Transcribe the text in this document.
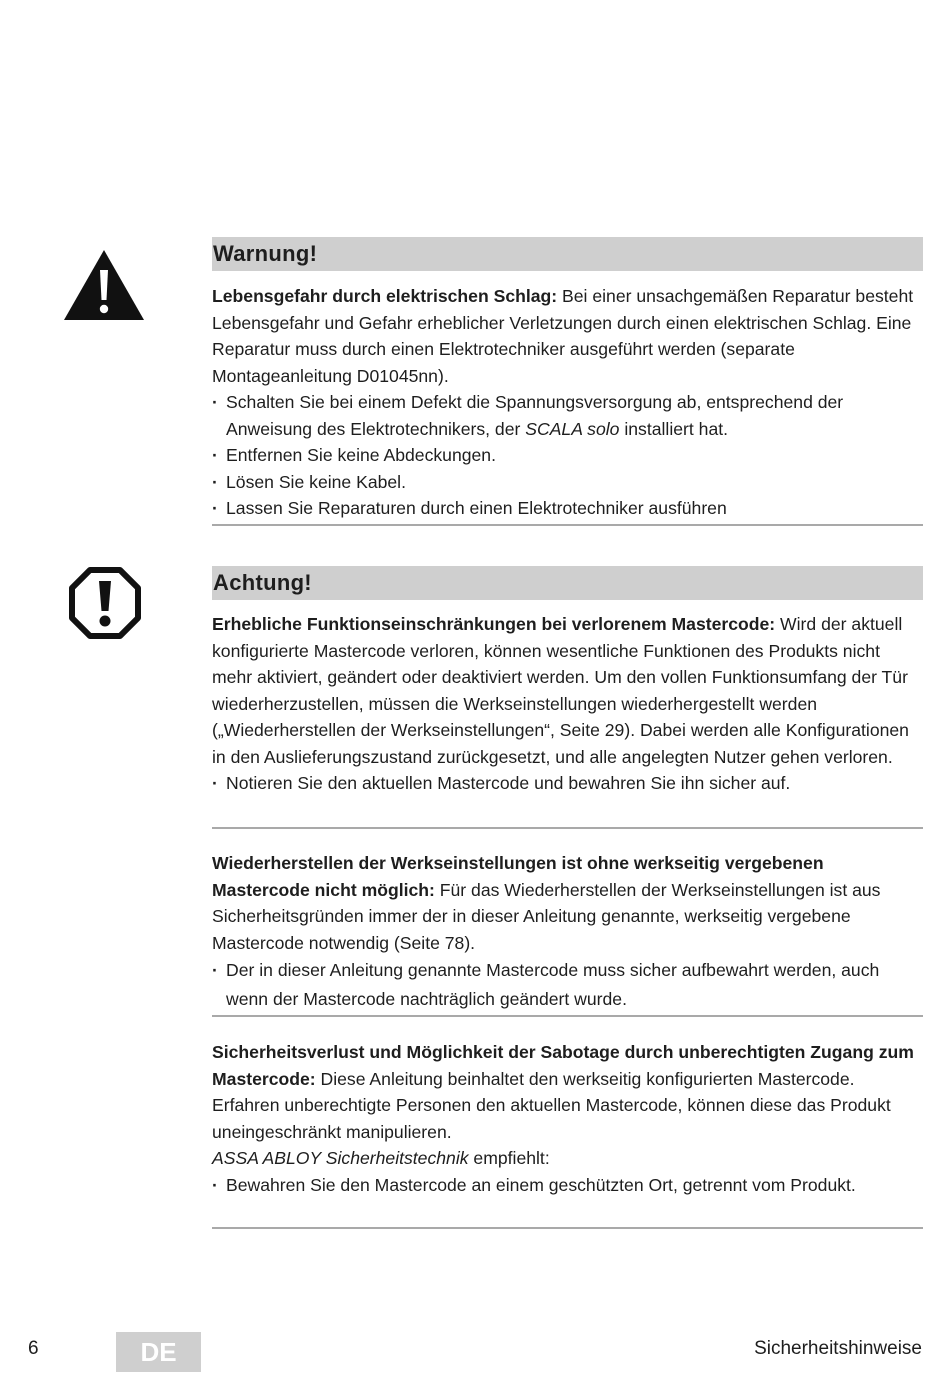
Warnung!

Lebensgefahr durch elektrischen Schlag: Bei einer unsachgemäßen Reparatur besteht Lebensgefahr und Gefahr erheblicher Verletzungen durch einen elektrischen Schlag. Eine Reparatur muss durch einen Elektrotechniker ausgeführt werden (separate Montageanleitung D01045nn).

· Schalten Sie bei einem Defekt die Spannungsversorgung ab, entsprechend der Anweisung des Elektrotechnikers, der SCALA solo installiert hat.

· Entfernen Sie keine Abdeckungen.

· Lösen Sie keine Kabel.

· Lassen Sie Reparaturen durch einen Elektrotechniker ausführen

Achtung!

Erhebliche Funktionseinschränkungen bei verlorenem Mastercode: Wird der aktuell konfigurierte Mastercode verloren, können wesentliche Funktionen des Produkts nicht mehr aktiviert, geändert oder deaktiviert werden. Um den vollen Funktionsumfang der Tür wiederherzustellen, müssen die Werkseinstellungen wiederhergestellt werden („Wiederherstellen der Werkseinstellungen“, Seite 29). Dabei werden alle Konfigurationen in den Auslieferungszustand zurückgesetzt, und alle angelegten Nutzer gehen verloren.

· Notieren Sie den aktuellen Mastercode und bewahren Sie ihn sicher auf.

Wiederherstellen der Werkseinstellungen ist ohne werkseitig vergebenen Mastercode nicht möglich: Für das Wiederherstellen der Werkseinstellungen ist aus Sicherheitsgründen immer der in dieser Anleitung genannte, werkseitig vergebene Mastercode notwendig (Seite 78).

· Der in dieser Anleitung genannte Mastercode muss sicher aufbewahrt werden, auch wenn der Mastercode nachträglich geändert wurde.

Sicherheitsverlust und Möglichkeit der Sabotage durch unberechtigten Zugang zum Mastercode: Diese Anleitung beinhaltet den werkseitig konfigurierten Mastercode. Erfahren unberechtigte Personen den aktuellen Mastercode, können diese das Produkt uneingeschränkt manipulieren.

ASSA ABLOY Sicherheitstechnik empfiehlt:

· Bewahren Sie den Mastercode an einem geschützten Ort, getrennt vom Produkt.

6	DE	Sicherheitshinweise
